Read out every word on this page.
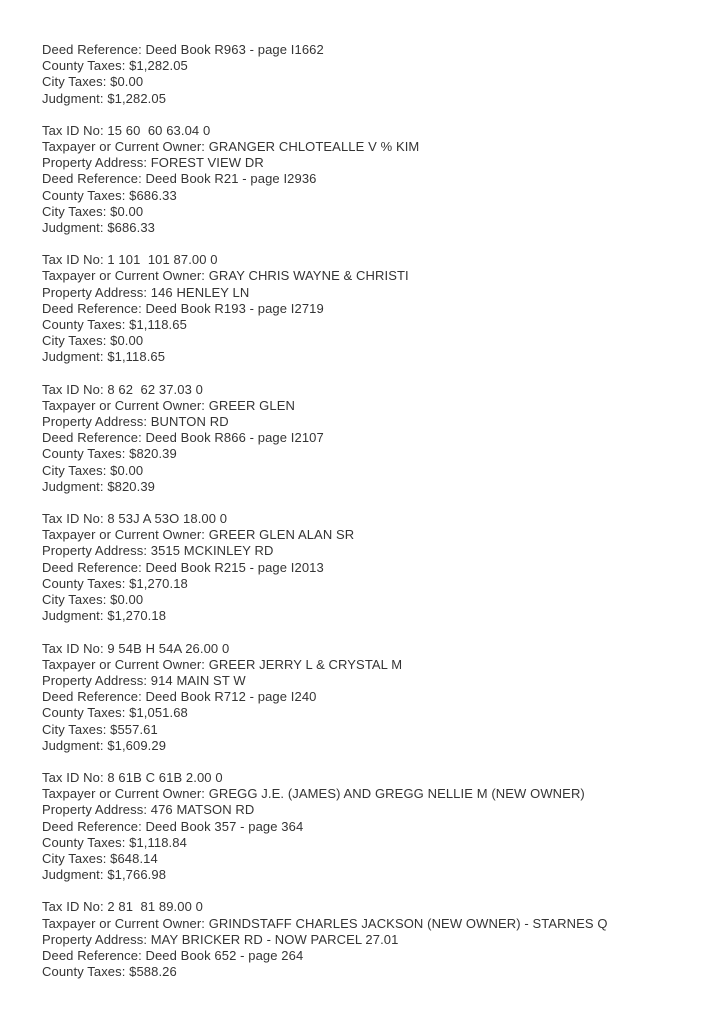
Deed Reference: Deed Book R963 - page I1662
County Taxes: $1,282.05
City Taxes: $0.00
Judgment: $1,282.05
Tax ID No: 15 60  60 63.04 0
Taxpayer or Current Owner: GRANGER CHLOTEALLE V % KIM
Property Address: FOREST VIEW DR
Deed Reference: Deed Book R21 - page I2936
County Taxes: $686.33
City Taxes: $0.00
Judgment: $686.33
Tax ID No: 1 101  101 87.00 0
Taxpayer or Current Owner: GRAY CHRIS WAYNE & CHRISTI
Property Address: 146 HENLEY LN
Deed Reference: Deed Book R193 - page I2719
County Taxes: $1,118.65
City Taxes: $0.00
Judgment: $1,118.65
Tax ID No: 8 62  62 37.03 0
Taxpayer or Current Owner: GREER GLEN
Property Address: BUNTON RD
Deed Reference: Deed Book R866 - page I2107
County Taxes: $820.39
City Taxes: $0.00
Judgment: $820.39
Tax ID No: 8 53J A 53O 18.00 0
Taxpayer or Current Owner: GREER GLEN ALAN SR
Property Address: 3515 MCKINLEY RD
Deed Reference: Deed Book R215 - page I2013
County Taxes: $1,270.18
City Taxes: $0.00
Judgment: $1,270.18
Tax ID No: 9 54B H 54A 26.00 0
Taxpayer or Current Owner: GREER JERRY L & CRYSTAL M
Property Address: 914 MAIN ST W
Deed Reference: Deed Book R712 - page I240
County Taxes: $1,051.68
City Taxes: $557.61
Judgment: $1,609.29
Tax ID No: 8 61B C 61B 2.00 0
Taxpayer or Current Owner: GREGG J.E. (JAMES) AND GREGG NELLIE M (NEW OWNER)
Property Address: 476 MATSON RD
Deed Reference: Deed Book 357 - page 364
County Taxes: $1,118.84
City Taxes: $648.14
Judgment: $1,766.98
Tax ID No: 2 81  81 89.00 0
Taxpayer or Current Owner: GRINDSTAFF CHARLES JACKSON (NEW OWNER) - STARNES Q
Property Address: MAY BRICKER RD - NOW PARCEL 27.01
Deed Reference: Deed Book 652 - page 264
County Taxes: $588.26
